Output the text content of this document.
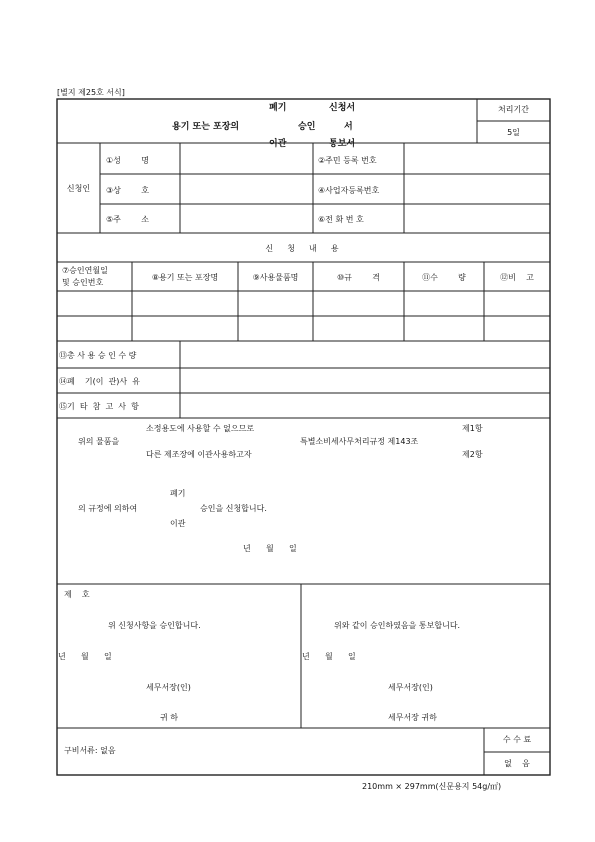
[별지 제25호 서식]
폐기	신청서
용기 또는 포장의	승인	서
이관	통보서
처리기간
5일
신청인
①성        명	②주민 등록 번호
③상        호	④사업자등록번호
⑤주        소	⑥전 화 번 호
신  청  내  용
⑦승인연월일
및 승인번호
⑧용기 또는 포장명	⑨사용물품명	⑩규        격	⑪수        량	⑫비    고
⑬총 사 용 승 인 수 량
⑭폐    기(이  관)사  유
⑮기  타  참  고  사  항
소정용도에 사용할 수 없으므로	제1항
위의 물품을	특별소비세사무처리규정 제143조
다른 제조장에 이관사용하고자	제2항
폐기
의 규정에 의하여	승인을 신청합니다.
이관
년      월      일
제    호
위 신청사항을 승인합니다.
년      월      일
세무서장(인)
귀 하
위와 같이 승인하였음을 통보합니다.
년      월      일
세무서장(인)
세무서장 귀하
구비서류: 없음
수 수 료
없    음
210mm × 297mm(신문용지 54g/㎡)
